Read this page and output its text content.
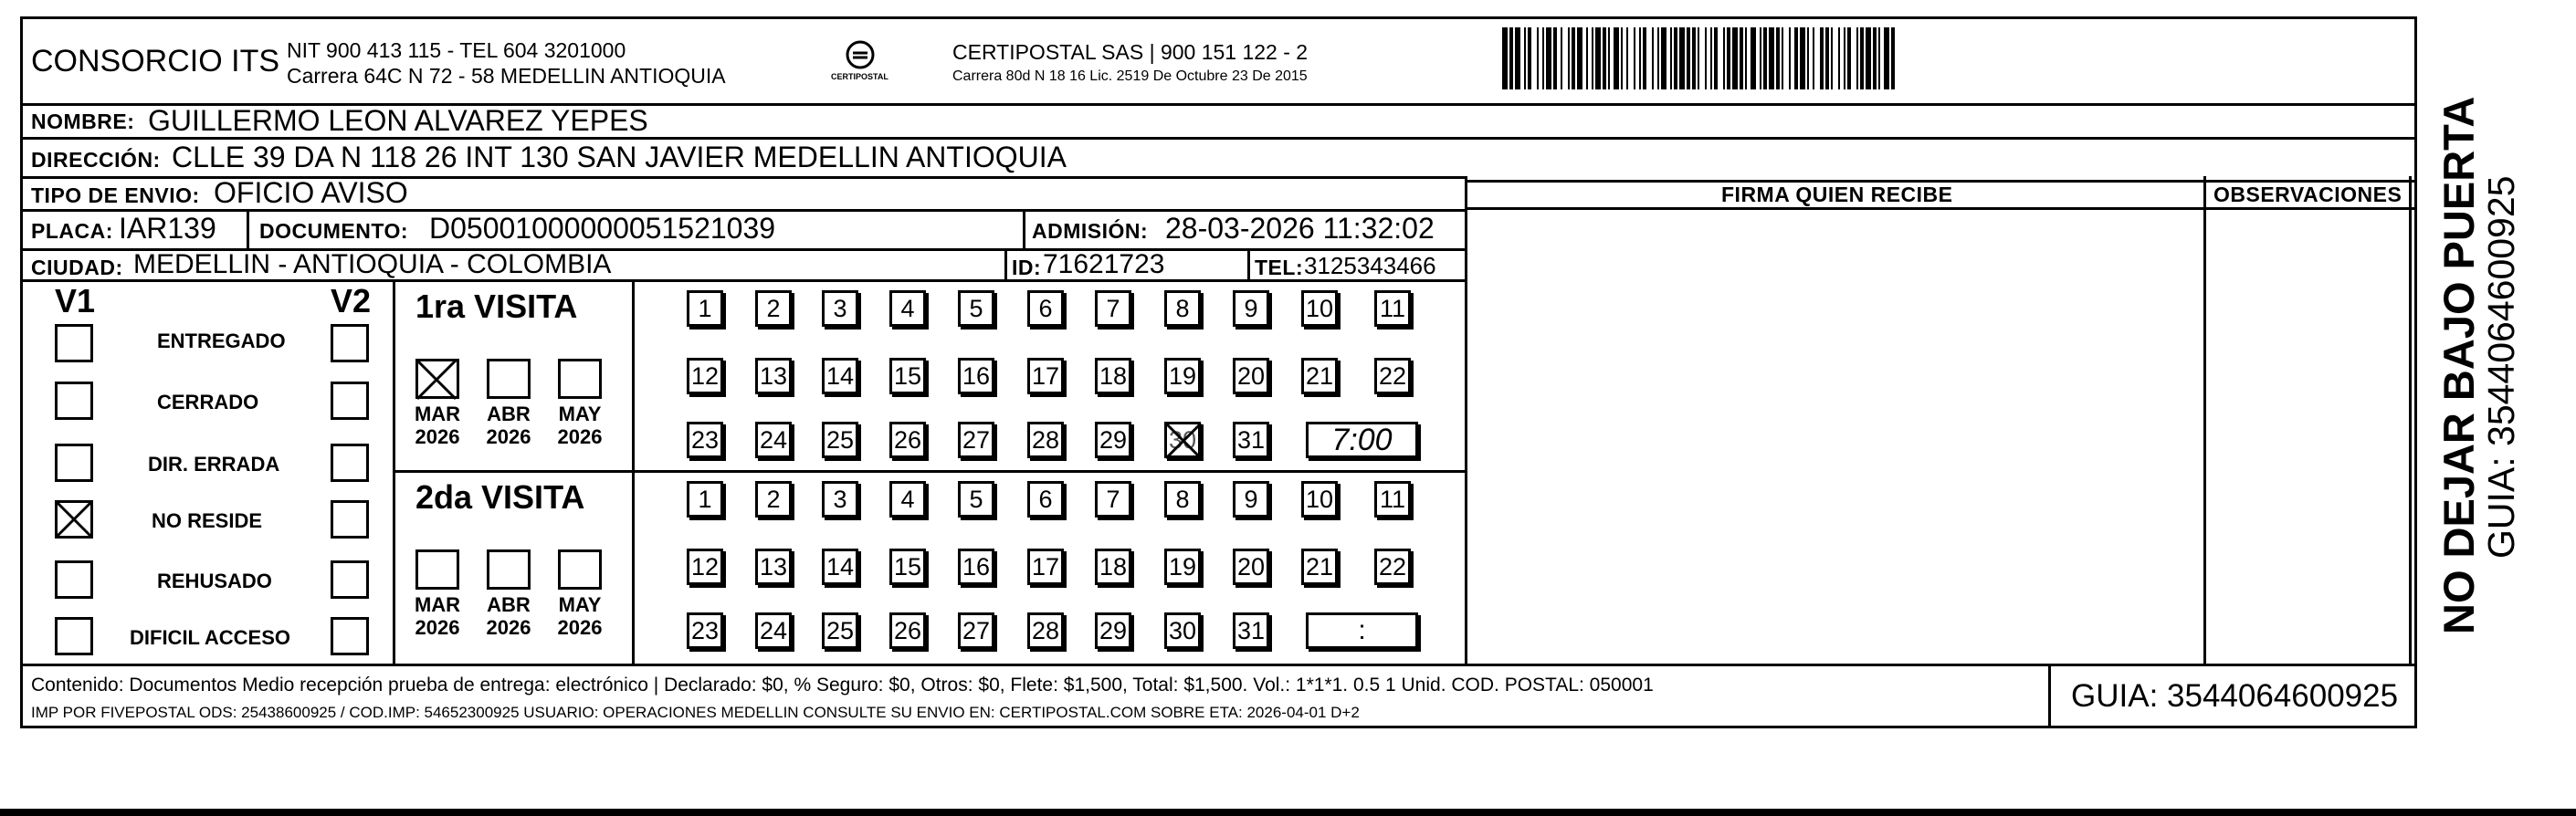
CONSORCIO ITS NIT 900 413 115 - TEL 604 3201000
Carrera 64C N 72 - 58 MEDELLIN ANTIOQUIA	CERTIPOSTAL
CERTIPOSTAL SAS | 900 151 122 - 2
Carrera 80d N 18 16 Lic. 2519 De Octubre 23 De 2015
NOMBRE: GUILLERMO LEON ALVAREZ YEPES
DIRECCIÓN: CLLE 39 DA N 118 26 INT 130 SAN JAVIER MEDELLIN ANTIOQUIA
TIPO DE ENVIO: OFICIO AVISO	FIRMA QUIEN RECIBE	OBSERVACIONES
PLACA: IAR139 DOCUMENTO: D05001000000051521039	ADMISIÓN: 28-03-2026 11:32:02
CIUDAD: MEDELLIN - ANTIOQUIA - COLOMBIA	ID: 71621723	TEL: 3125343466
V1	V2
ENTREGADO
CERRADO
DIR. ERRADA
NO RESIDE
REHUSADO
DIFICIL ACCESO
1ra VISITA
MAR
2026
ABR
2026
MAY
2026
1	2	3	4	5	6	7	8	9	10 11
12 13 14 15 16 17 18 19 20 21 22
23 24 25 26 27 28 29 30 31	7:00
2da VISITA
MAR
2026
ABR
2026
MAY
2026
1	2	3	4	5	6	7	8	9	10 11
12 13 14 15 16 17 18 19 20 21 22
23 24 25 26 27 28 29 30 31	:
Contenido: Documentos Medio recepción prueba de entrega: electrónico | Declarado: $0, % Seguro: $0, Otros: $0, Flete: $1,500, Total: $1,500. Vol.: 1*1*1. 0.5 1 Unid. COD. POSTAL: 050001
IMP POR FIVEPOSTAL ODS: 25438600925 / COD.IMP: 54652300925 USUARIO: OPERACIONES MEDELLIN CONSULTE SU ENVIO EN: CERTIPOSTAL.COM SOBRE ETA: 2026-04-01 D+2	GUIA: 3544064600925
NO DEJAR BAJO PUERTA
GUIA: 3544064600925
